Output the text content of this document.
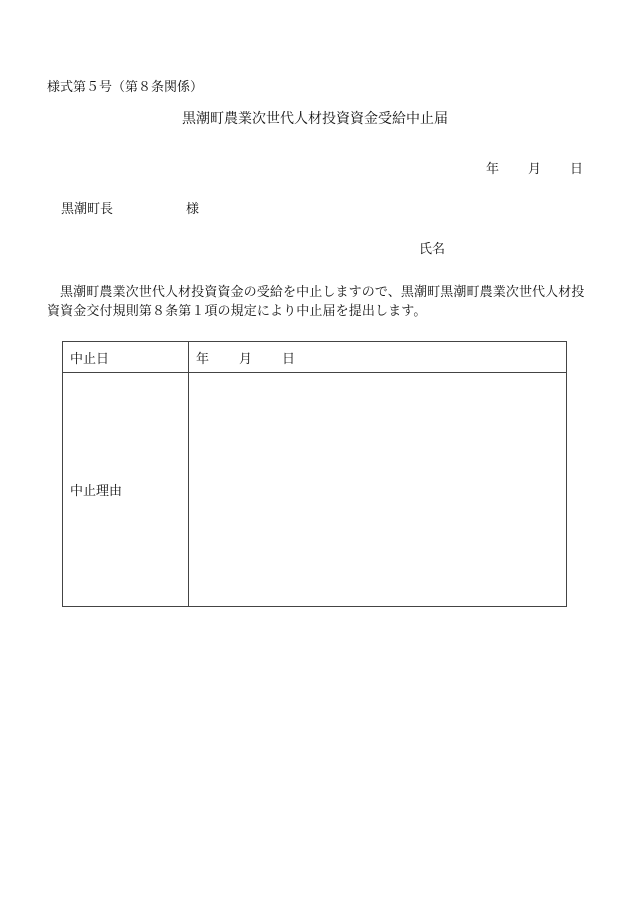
様式第５号（第８条関係）
黒潮町農業次世代人材投資資金受給中止届
年 月 日
黒潮町長	様
氏名
黒潮町農業次世代人材投資資金の受給を中止しますので、黒潮町黒潮町農業次世代人材投資資金交付規則第８条第１項の規定により中止届を提出します。
中止日	年 月 日
中止理由	
